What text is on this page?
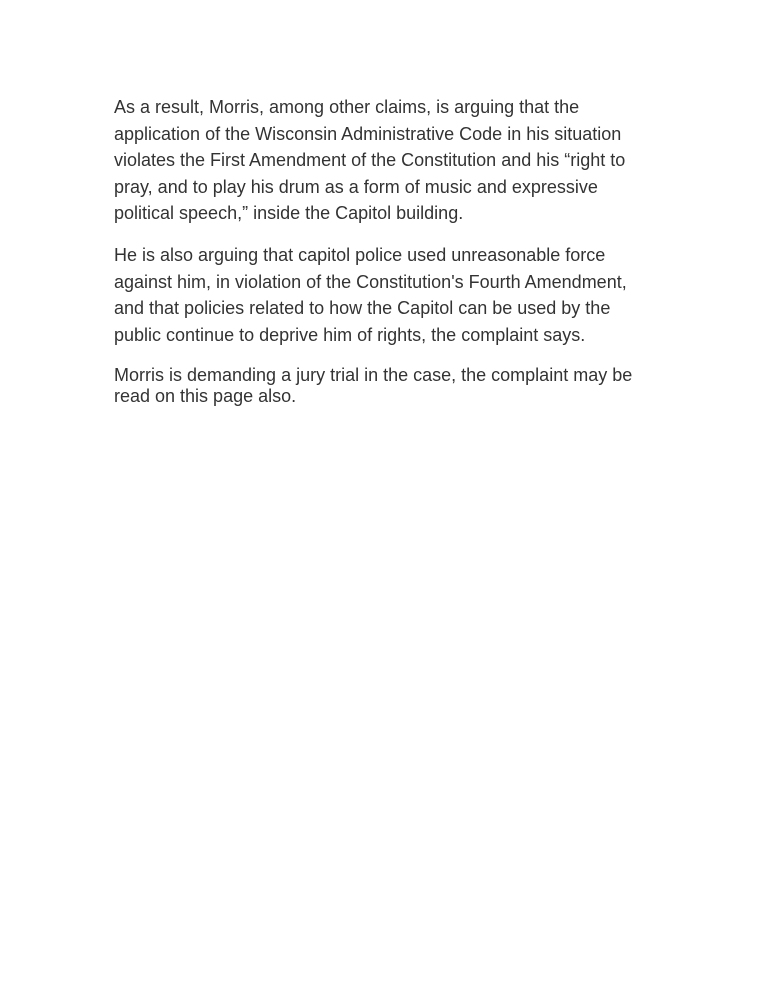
As a result, Morris, among other claims, is arguing that the application of the Wisconsin Administrative Code in his situation violates the First Amendment of the Constitution and his “right to pray, and to play his drum as a form of music and expressive political speech,” inside the Capitol building.

He is also arguing that capitol police used unreasonable force against him, in violation of the Constitution's Fourth Amendment, and that policies related to how the Capitol can be used by the public continue to deprive him of rights, the complaint says.

Morris is demanding a jury trial in the case, the complaint may be read on this page also.
